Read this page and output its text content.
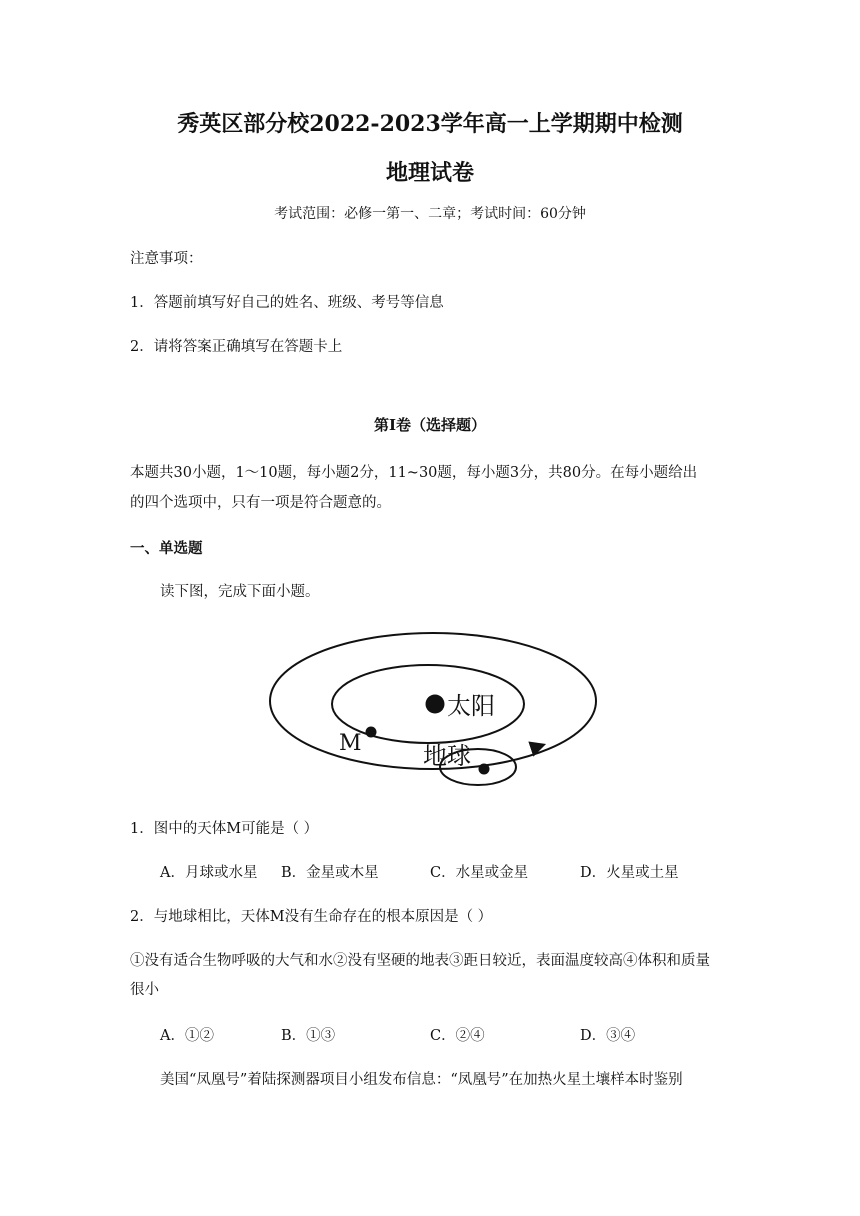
秀英区部分校2022-2023学年高一上学期期中检测
地理试卷
考试范围：必修一第一、二章；考试时间：60分钟
注意事项：
1．答题前填写好自己的姓名、班级、考号等信息
2．请将答案正确填写在答题卡上
第I卷（选择题）
本题共30小题，1～10题，每小题2分，11~30题，每小题3分，共80分。在每小题给出
的四个选项中，只有一项是符合题意的。
一、单选题
读下图，完成下面小题。
太阳
M	地球
1．图中的天体M可能是（ ）
A．月球或水星 B．金星或木星	C．水星或金星	D．火星或土星
2．与地球相比，天体M没有生命存在的根本原因是（ ）
①没有适合生物呼吸的大气和水②没有坚硬的地表③距日较近，表面温度较高④体积和质量
很小
A．①②	B．①③	C．②④	D．③④
美国“凤凰号”着陆探测器项目小组发布信息：“凤凰号”在加热火星土壤样本时鉴别
